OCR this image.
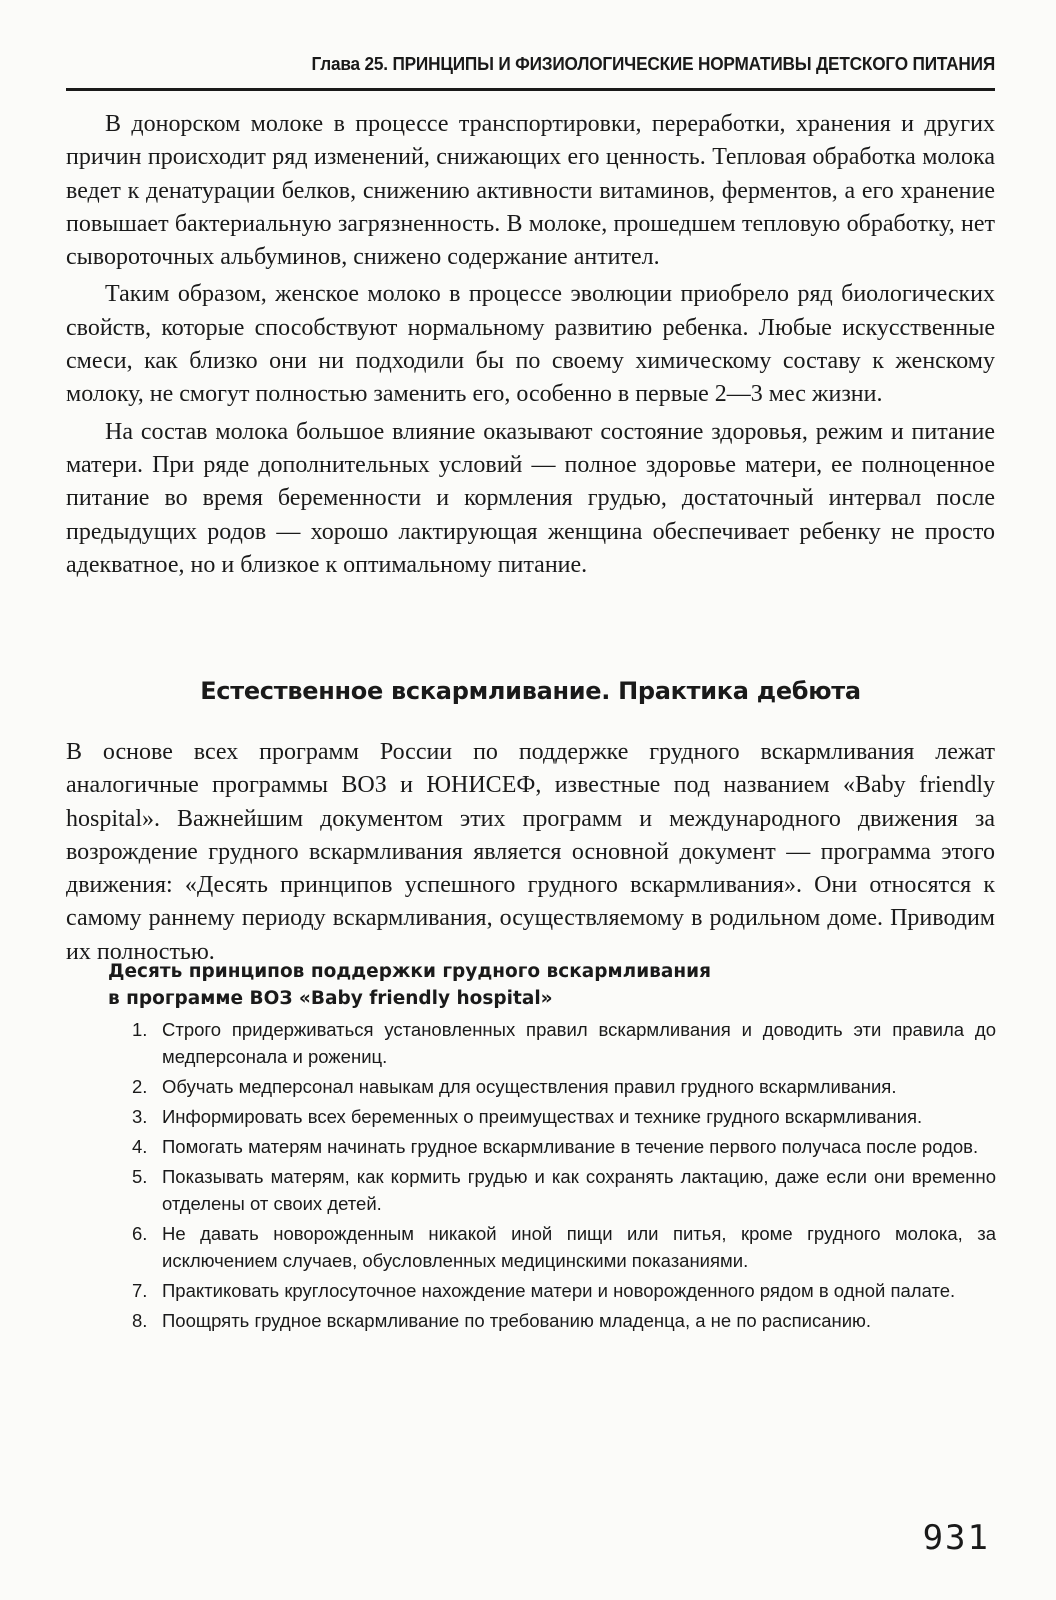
Глава 25. ПРИНЦИПЫ И ФИЗИОЛОГИЧЕСКИЕ НОРМАТИВЫ ДЕТСКОГО ПИТАНИЯ

В донорском молоке в процессе транспортировки, переработки, хранения и других причин происходит ряд изменений, снижающих его ценность. Тепловая обработка молока ведет к денатурации белков, снижению активности витаминов, ферментов, а его хранение повышает бактериальную загрязненность. В молоке, прошедшем тепловую обработку, нет сывороточных альбуминов, снижено содержание антител.

Таким образом, женское молоко в процессе эволюции приобрело ряд биологических свойств, которые способствуют нормальному развитию ребенка. Любые искусственные смеси, как близко они ни подходили бы по своему химическому составу к женскому молоку, не смогут полностью заменить его, особенно в первые 2—3 мес жизни.

На состав молока большое влияние оказывают состояние здоровья, режим и питание матери. При ряде дополнительных условий — полное здоровье матери, ее полноценное питание во время беременности и кормления грудью, достаточный интервал после предыдущих родов — хорошо лактирующая женщина обеспечивает ребенку не просто адекватное, но и близкое к оптимальному питание.

Естественное вскармливание. Практика дебюта

В основе всех программ России по поддержке грудного вскармливания лежат аналогичные программы ВОЗ и ЮНИСЕФ, известные под названием «Baby friendly hospital». Важнейшим документом этих программ и международного движения за возрождение грудного вскармливания является основной документ — программа этого движения: «Десять принципов успешного грудного вскармливания». Они относятся к самому раннему периоду вскармливания, осуществляемому в родильном доме. Приводим их полностью.

Десять принципов поддержки грудного вскармливания
в программе ВОЗ «Baby friendly hospital»
1. Строго придерживаться установленных правил вскармливания и доводить эти правила до медперсонала и рожениц.
2. Обучать медперсонал навыкам для осуществления правил грудного вскармливания.
3. Информировать всех беременных о преимуществах и технике грудного вскармливания.
4. Помогать матерям начинать грудное вскармливание в течение первого получаса после родов.
5. Показывать матерям, как кормить грудью и как сохранять лактацию, даже если они временно отделены от своих детей.
6. Не давать новорожденным никакой иной пищи или питья, кроме грудного молока, за исключением случаев, обусловленных медицинскими показаниями.
7. Практиковать круглосуточное нахождение матери и новорожденного рядом в одной палате.
8. Поощрять грудное вскармливание по требованию младенца, а не по расписанию.
931
